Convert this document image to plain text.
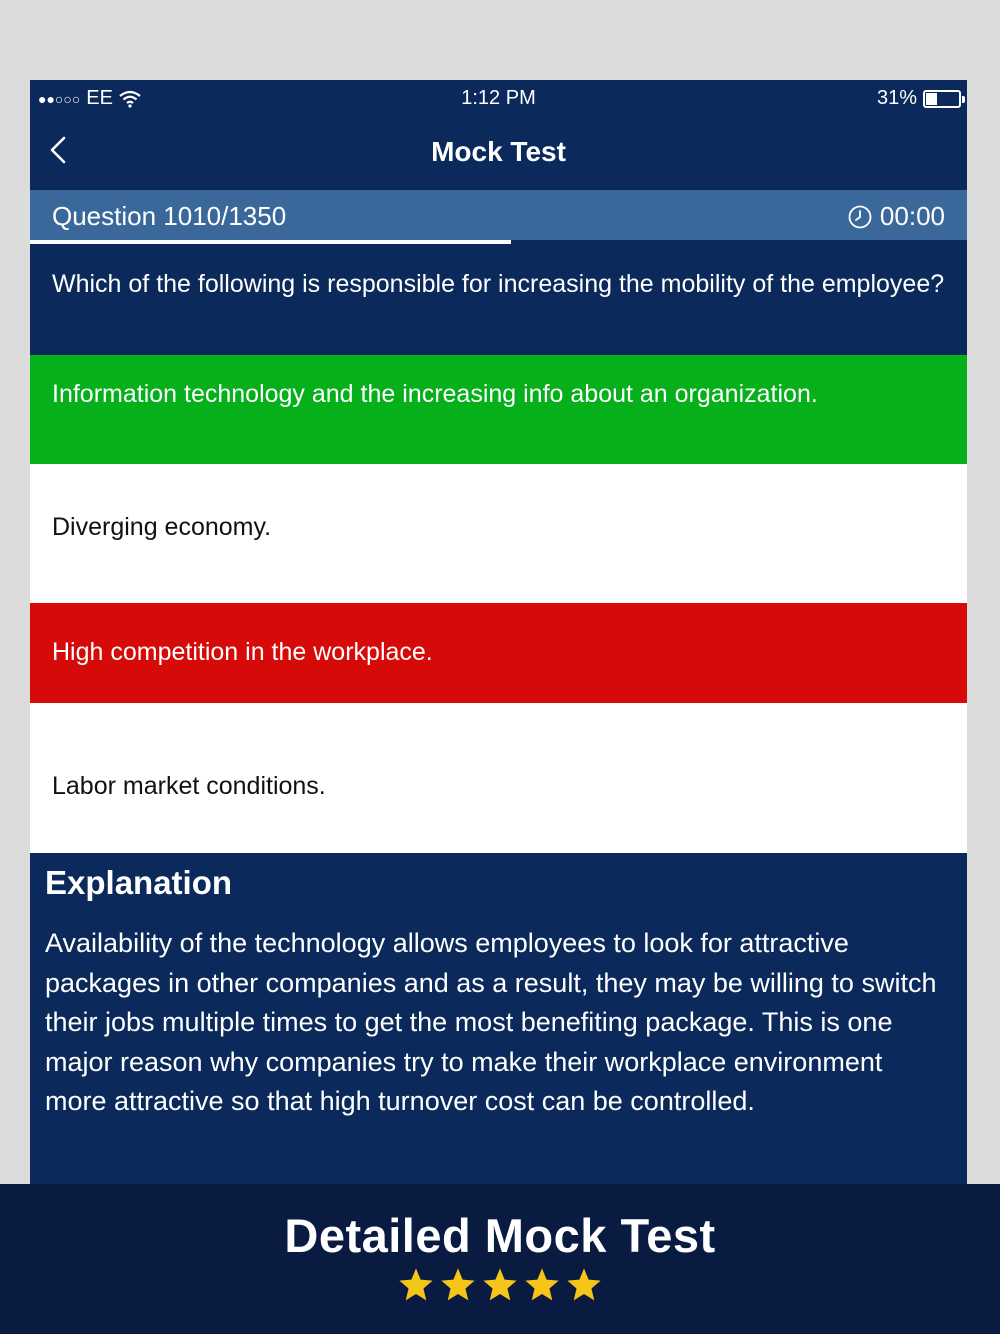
●●○○○ EE	1:12 PM	31%
Mock Test
Question 1010/1350	00:00
Which of the following is responsible for increasing the mobility of the employee?
Information technology and the increasing info about an organization.
Diverging economy.
High competition in the workplace.
Labor market conditions.
Explanation
Availability of the technology allows employees to look for attractive packages in other companies and as a result, they may be willing to switch their jobs multiple times to get the most benefiting package. This is one major reason why companies try to make their workplace environment more attractive so that high turnover cost can be controlled.
Detailed Mock Test
